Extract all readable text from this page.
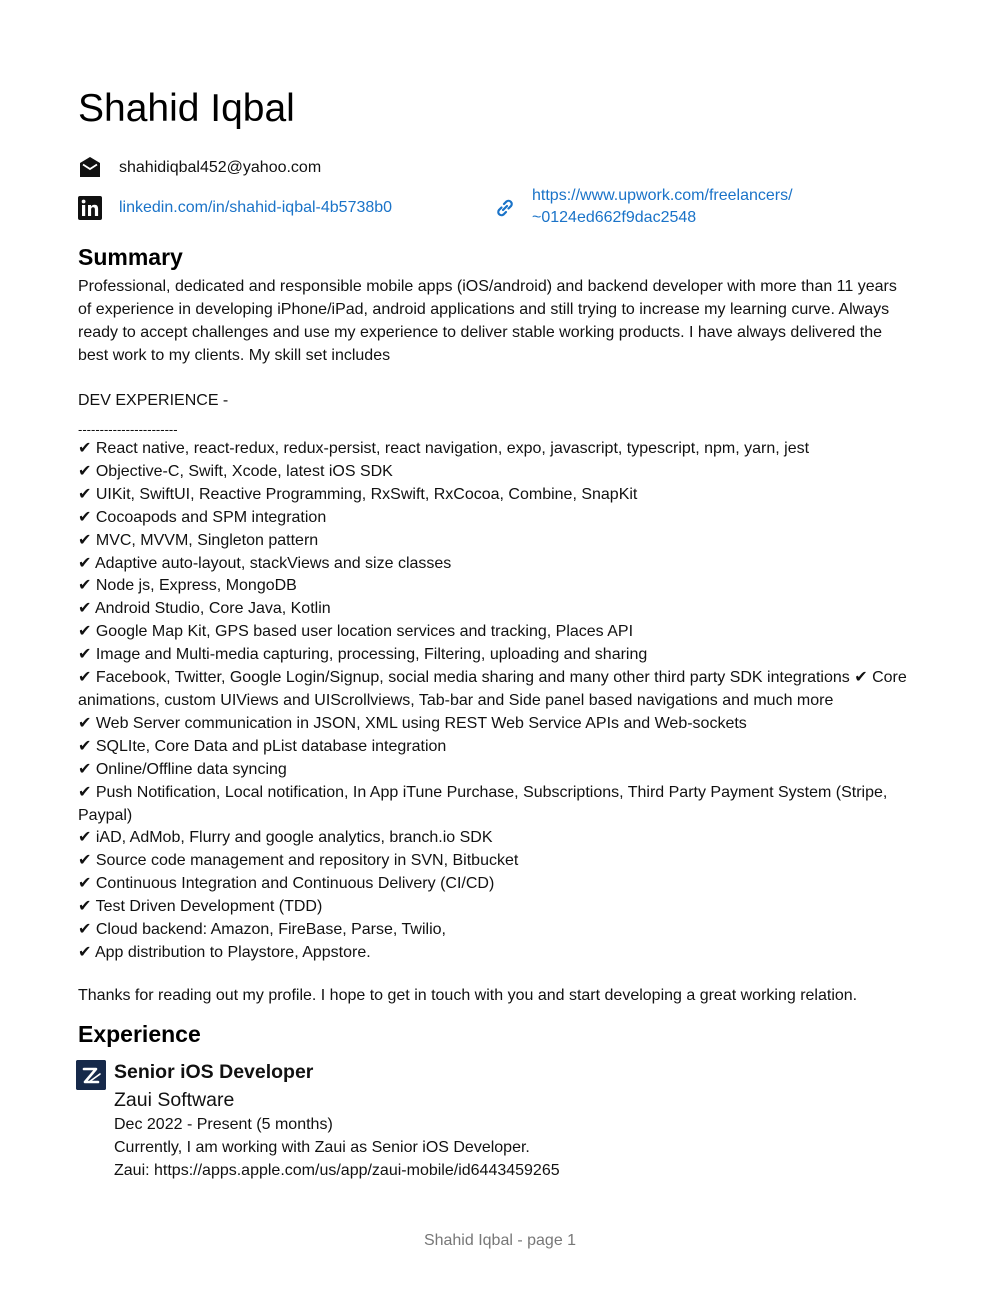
Shahid Iqbal
shahidiqbal452@yahoo.com
linkedin.com/in/shahid-iqbal-4b5738b0
https://www.upwork.com/freelancers/
~0124ed662f9dac2548
Summary

Professional, dedicated and responsible mobile apps (iOS/android) and backend developer with more than 11 years of experience in developing iPhone/iPad, android applications and still trying to increase my learning curve. Always ready to accept challenges and use my experience to deliver stable working products. I have always delivered the best work to my clients. My skill set includes

DEV EXPERIENCE -

-----------------------
✔ React native, react-redux, redux-persist, react navigation, expo, javascript, typescript, npm, yarn, jest
✔ Objective-C, Swift, Xcode, latest iOS SDK
✔ UIKit, SwiftUI, Reactive Programming, RxSwift, RxCocoa, Combine, SnapKit
✔ Cocoapods and SPM integration
✔ MVC, MVVM, Singleton pattern
✔ Adaptive auto-layout, stackViews and size classes
✔ Node js, Express, MongoDB
✔ Android Studio, Core Java, Kotlin
✔ Google Map Kit, GPS based user location services and tracking, Places API
✔ Image and Multi-media capturing, processing, Filtering, uploading and sharing
✔ Facebook, Twitter, Google Login/Signup, social media sharing and many other third party SDK integrations ✔ Core animations, custom UIViews and UIScrollviews, Tab-bar and Side panel based navigations and much more
✔ Web Server communication in JSON, XML using REST Web Service APIs and Web-sockets
✔ SQLIte, Core Data and pList database integration
✔ Online/Offline data syncing
✔ Push Notification, Local notification, In App iTune Purchase, Subscriptions, Third Party Payment System (Stripe, Paypal)
✔ iAD, AdMob, Flurry and google analytics, branch.io SDK
✔ Source code management and repository in SVN, Bitbucket
✔ Continuous Integration and Continuous Delivery (CI/CD)
✔ Test Driven Development (TDD)
✔ Cloud backend: Amazon, FireBase, Parse, Twilio,
✔ App distribution to Playstore, Appstore.

Thanks for reading out my profile. I hope to get in touch with you and start developing a great working relation.

Experience
Senior iOS Developer

Zaui Software

Dec 2022 - Present (5 months)

Currently, I am working with Zaui as Senior iOS Developer.

Zaui: https://apps.apple.com/us/app/zaui-mobile/id6443459265

Shahid Iqbal - page 1
